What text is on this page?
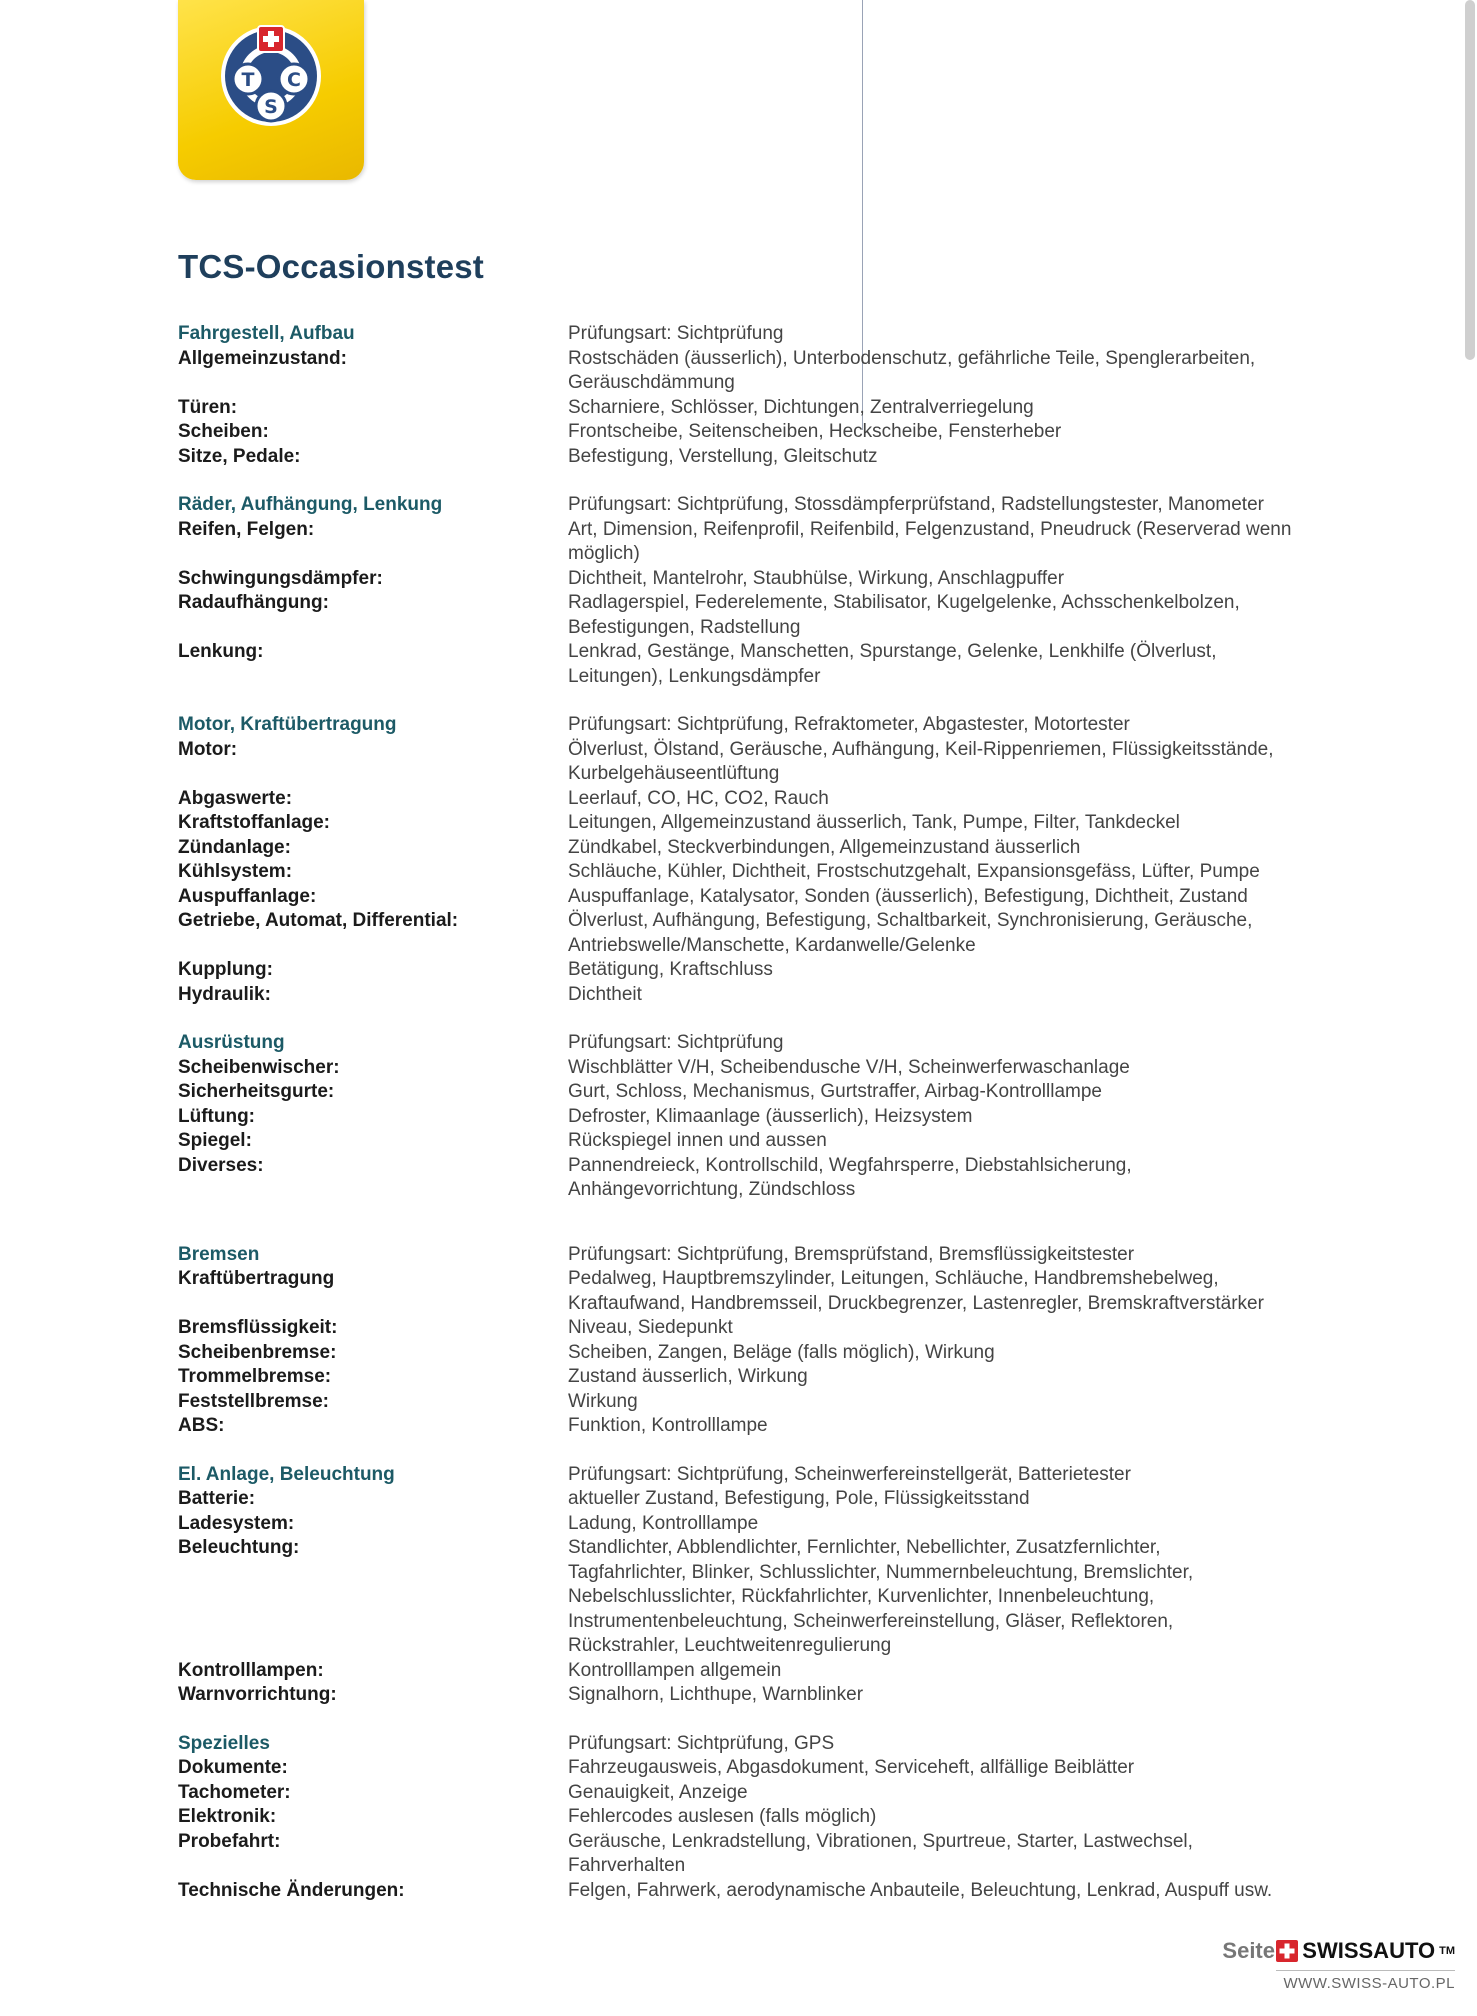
T C
S
TCS-Occasionstest
Fahrgestell, Aufbau	Prüfungsart: Sichtprüfung
Allgemeinzustand:	Rostschäden (äusserlich), Unterbodenschutz, gefährliche Teile, Spenglerarbeiten,
Geräuschdämmung
Türen:	Scharniere, Schlösser, Dichtungen, Zentralverriegelung
Scheiben:	Frontscheibe, Seitenscheiben, Heckscheibe, Fensterheber
Sitze, Pedale:	Befestigung, Verstellung, Gleitschutz
Räder, Aufhängung, Lenkung	Prüfungsart: Sichtprüfung, Stossdämpferprüfstand, Radstellungstester, Manometer
Reifen, Felgen:	Art, Dimension, Reifenprofil, Reifenbild, Felgenzustand, Pneudruck (Reserverad wenn
möglich)
Schwingungsdämpfer:	Dichtheit, Mantelrohr, Staubhülse, Wirkung, Anschlagpuffer
Radaufhängung:	Radlagerspiel, Federelemente, Stabilisator, Kugelgelenke, Achsschenkelbolzen,
Befestigungen, Radstellung
Lenkung:	Lenkrad, Gestänge, Manschetten, Spurstange, Gelenke, Lenkhilfe (Ölverlust,
Leitungen), Lenkungsdämpfer
Motor, Kraftübertragung	Prüfungsart: Sichtprüfung, Refraktometer, Abgastester, Motortester
Motor:	Ölverlust, Ölstand, Geräusche, Aufhängung, Keil-Rippenriemen, Flüssigkeitsstände,
Kurbelgehäuseentlüftung
Abgaswerte:	Leerlauf, CO, HC, CO2, Rauch
Kraftstoffanlage:	Leitungen, Allgemeinzustand äusserlich, Tank, Pumpe, Filter, Tankdeckel
Zündanlage:	Zündkabel, Steckverbindungen, Allgemeinzustand äusserlich
Kühlsystem:	Schläuche, Kühler, Dichtheit, Frostschutzgehalt, Expansionsgefäss, Lüfter, Pumpe
Auspuffanlage:	Auspuffanlage, Katalysator, Sonden (äusserlich), Befestigung, Dichtheit, Zustand
Getriebe, Automat, Differential:	Ölverlust, Aufhängung, Befestigung, Schaltbarkeit, Synchronisierung, Geräusche,
Antriebswelle/Manschette, Kardanwelle/Gelenke
Kupplung:	Betätigung, Kraftschluss
Hydraulik:	Dichtheit
Ausrüstung	Prüfungsart: Sichtprüfung
Scheibenwischer:	Wischblätter V/H, Scheibendusche V/H, Scheinwerferwaschanlage
Sicherheitsgurte:	Gurt, Schloss, Mechanismus, Gurtstraffer, Airbag-Kontrolllampe
Lüftung:	Defroster, Klimaanlage (äusserlich), Heizsystem
Spiegel:	Rückspiegel innen und aussen
Diverses:	Pannendreieck, Kontrollschild, Wegfahrsperre, Diebstahlsicherung,
Anhängevorrichtung, Zündschloss
Bremsen	Prüfungsart: Sichtprüfung, Bremsprüfstand, Bremsflüssigkeitstester
Kraftübertragung	Pedalweg, Hauptbremszylinder, Leitungen, Schläuche, Handbremshebelweg,
Kraftaufwand, Handbremsseil, Druckbegrenzer, Lastenregler, Bremskraftverstärker
Bremsflüssigkeit:	Niveau, Siedepunkt
Scheibenbremse:	Scheiben, Zangen, Beläge (falls möglich), Wirkung
Trommelbremse:	Zustand äusserlich, Wirkung
Feststellbremse:	Wirkung
ABS:	Funktion, Kontrolllampe
El. Anlage, Beleuchtung	Prüfungsart: Sichtprüfung, Scheinwerfereinstellgerät, Batterietester
Batterie:	aktueller Zustand, Befestigung, Pole, Flüssigkeitsstand
Ladesystem:	Ladung, Kontrolllampe
Beleuchtung:	Standlichter, Abblendlichter, Fernlichter, Nebellichter, Zusatzfernlichter,
Tagfahrlichter, Blinker, Schlusslichter, Nummernbeleuchtung, Bremslichter,
Nebelschlusslichter, Rückfahrlichter, Kurvenlichter, Innenbeleuchtung,
Instrumentenbeleuchtung, Scheinwerfereinstellung, Gläser, Reflektoren,
Rückstrahler, Leuchtweitenregulierung
Kontrolllampen:	Kontrolllampen allgemein
Warnvorrichtung:	Signalhorn, Lichthupe, Warnblinker
Spezielles	Prüfungsart: Sichtprüfung, GPS
Dokumente:	Fahrzeugausweis, Abgasdokument, Serviceheft, allfällige Beiblätter
Tachometer:	Genauigkeit, Anzeige
Elektronik:	Fehlercodes auslesen (falls möglich)
Probefahrt:	Geräusche, Lenkradstellung, Vibrationen, Spurtreue, Starter, Lastwechsel,
Fahrverhalten
Technische Änderungen:	Felgen, Fahrwerk, aerodynamische Anbauteile, Beleuchtung, Lenkrad, Auspuff usw.
Seite SWISSAUTO TM
WWW.SWISS-AUTO.PL
